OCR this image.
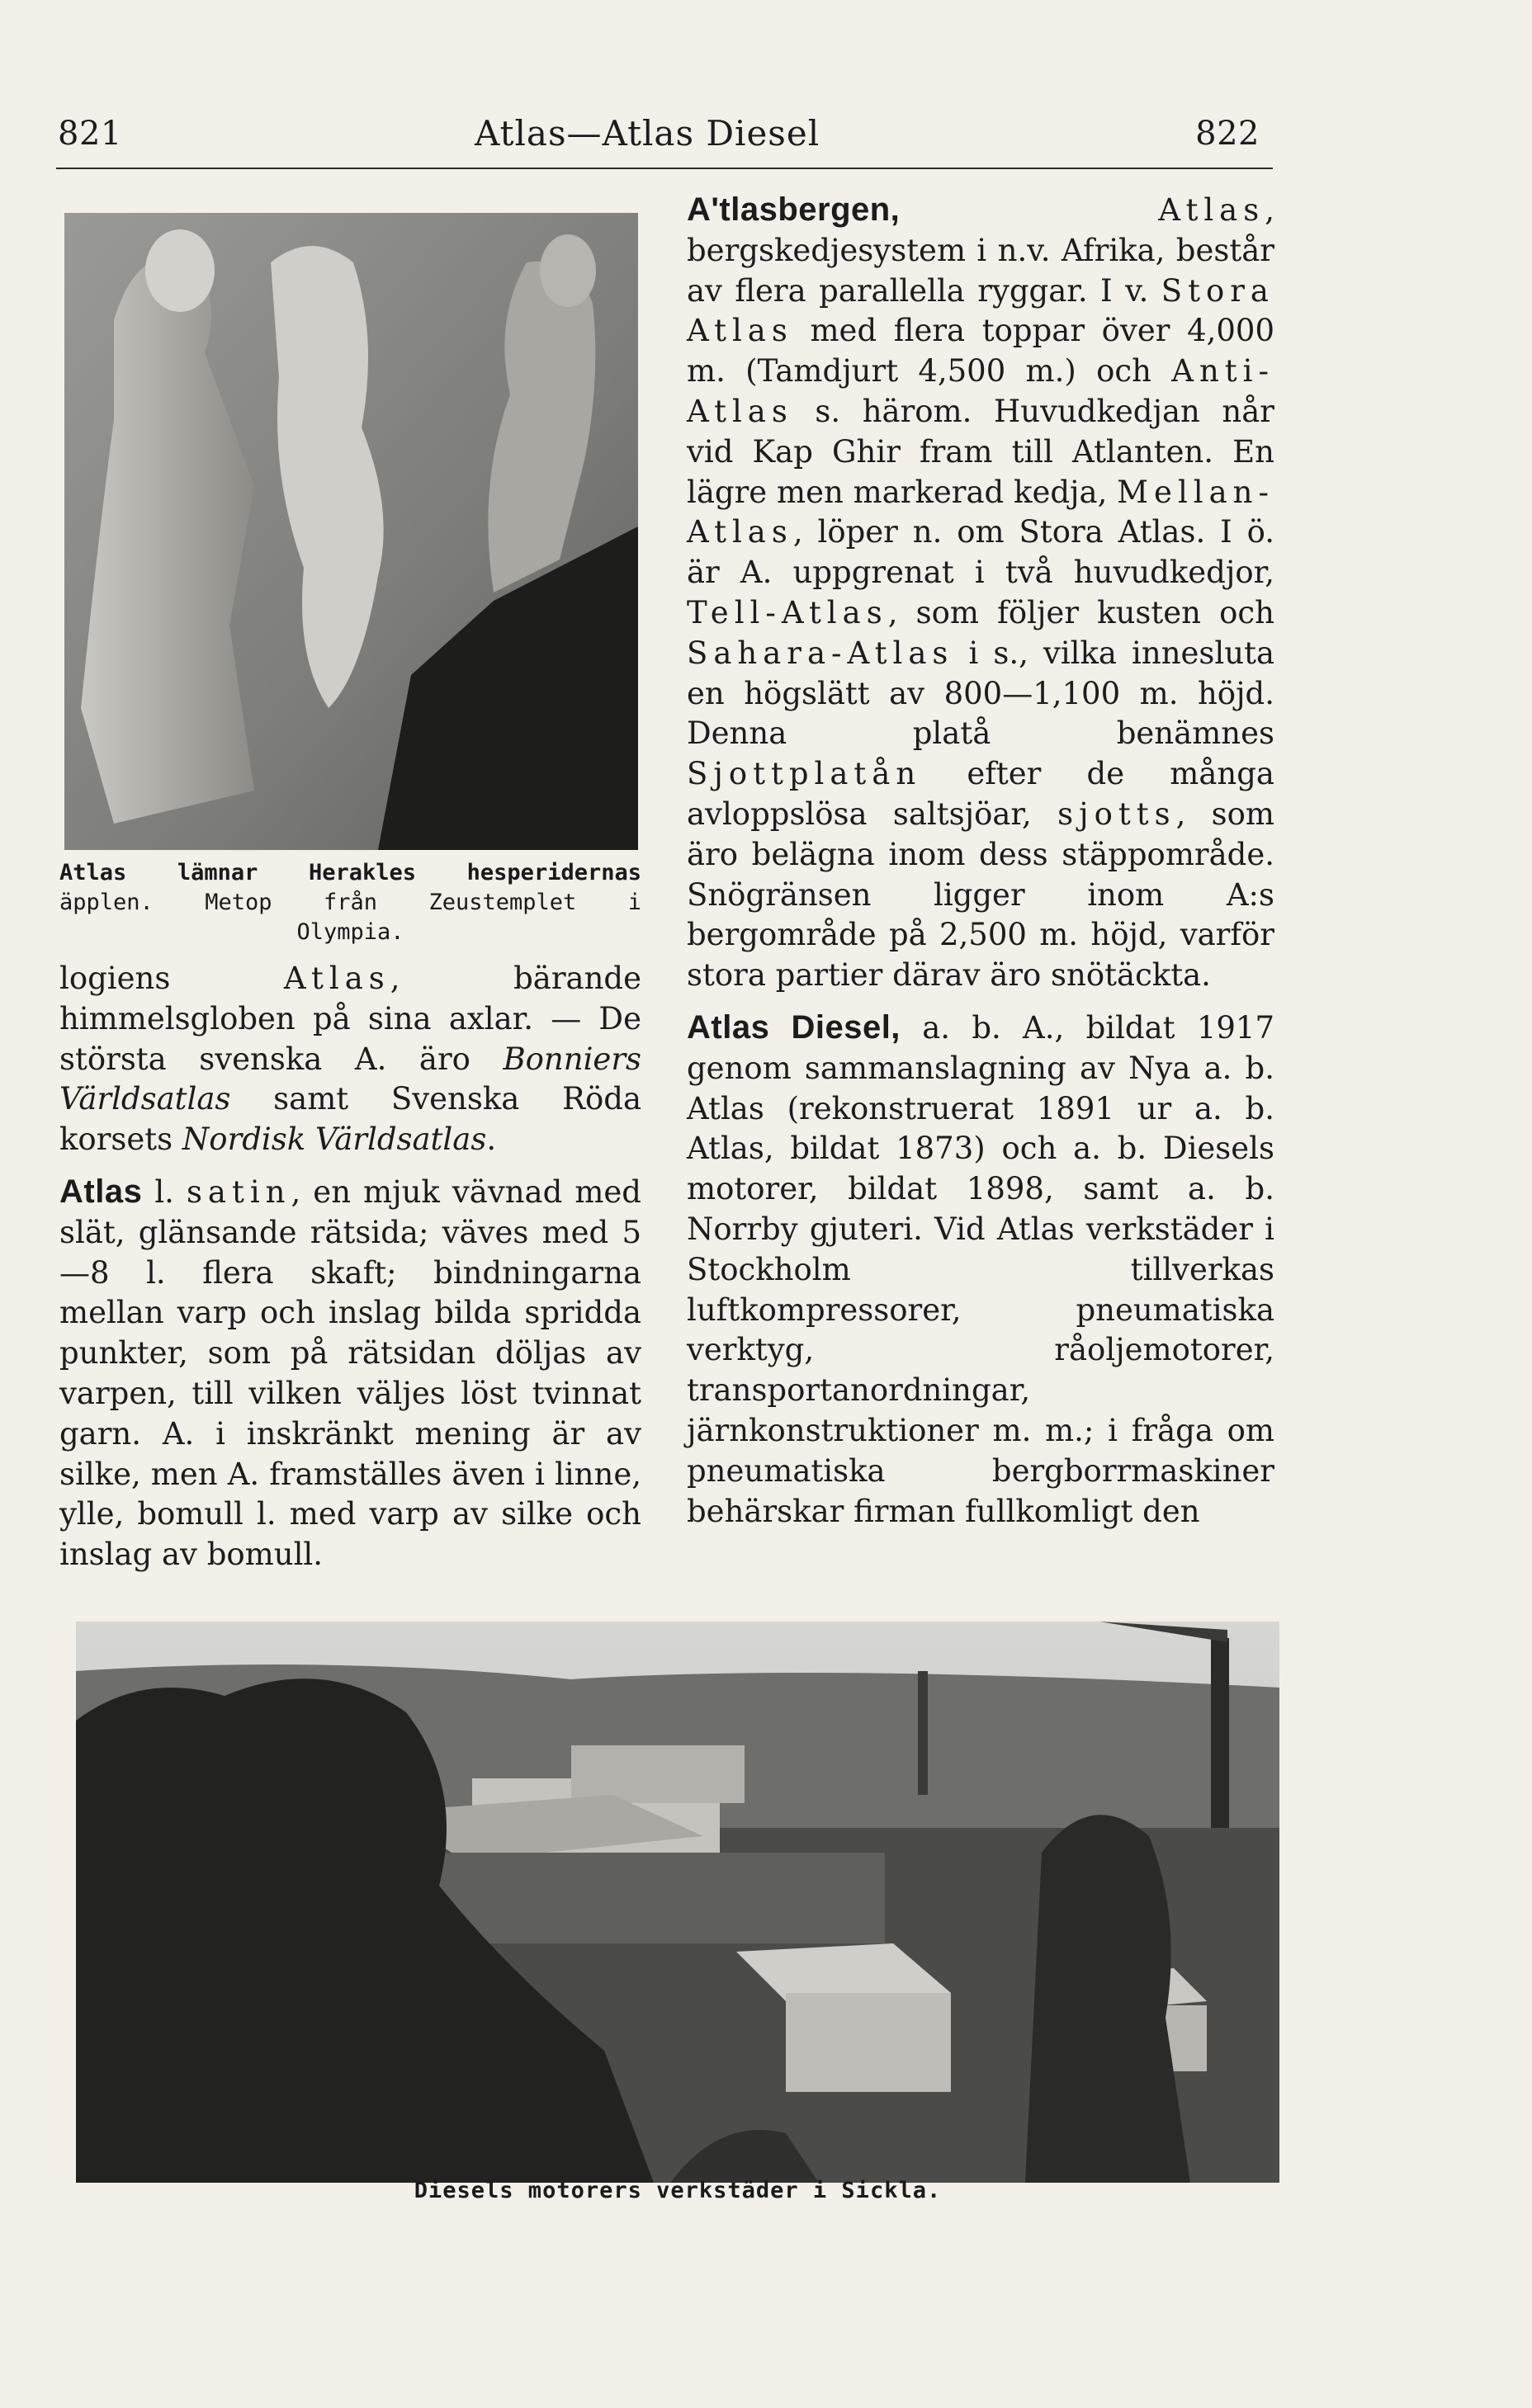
821	Atlas—Atlas Diesel	822
Atlas lämnar Herakles hesperidernas
äpplen. Metop från Zeustemplet i
Olympia.

logiens Atlas, bärande himmelsgloben på sina axlar. — De största svenska A. äro Bonniers Världsatlas samt Svenska Röda korsets Nordisk Världsatlas.

Atlas l. satin, en mjuk vävnad med slät, glänsande rätsida; väves med 5—8 l. flera skaft; bindningarna mellan varp och inslag bilda spridda punkter, som på rätsidan döljas av varpen, till vilken väljes löst tvinnat garn. A. i inskränkt mening är av silke, men A. framställes även i linne, ylle, bomull l. med varp av silke och inslag av bomull.

A'tlasbergen,	Atlas, bergskedjesystem i n.v. Afrika, består av flera parallella ryggar. I v. Stora Atlas med flera toppar över 4,000 m. (Tamdjurt 4,500 m.) och Anti-Atlas s. härom. Huvudkedjan når vid Kap Ghir fram till Atlanten. En lägre men markerad kedja, Mellan-Atlas, löper n. om Stora Atlas. I ö. är A. uppgrenat i två huvudkedjor, Tell-Atlas, som följer kusten och Sahara-Atlas i s., vilka innesluta en högslätt av 800—1,100 m. höjd. Denna platå benämnes Sjottplatån efter de många avloppslösa saltsjöar, sjotts, som äro belägna inom dess stäppområde. Snögränsen ligger inom A:s bergområde på 2,500 m. höjd, varför stora partier därav äro snötäckta.

Atlas Diesel, a. b. A., bildat 1917 genom sammanslagning av Nya a. b. Atlas (rekonstruerat 1891 ur a. b. Atlas, bildat 1873) och a. b. Diesels motorer, bildat 1898, samt a. b. Norrby gjuteri. Vid Atlas verkstäder i Stockholm tillverkas luftkompressorer, pneumatiska verktyg, råoljemotorer, transportanordningar, järnkonstruktioner m. m.; i fråga om pneumatiska bergborrmaskiner behärskar firman fullkomligt den

Diesels motorers verkstäder i Sickla.
